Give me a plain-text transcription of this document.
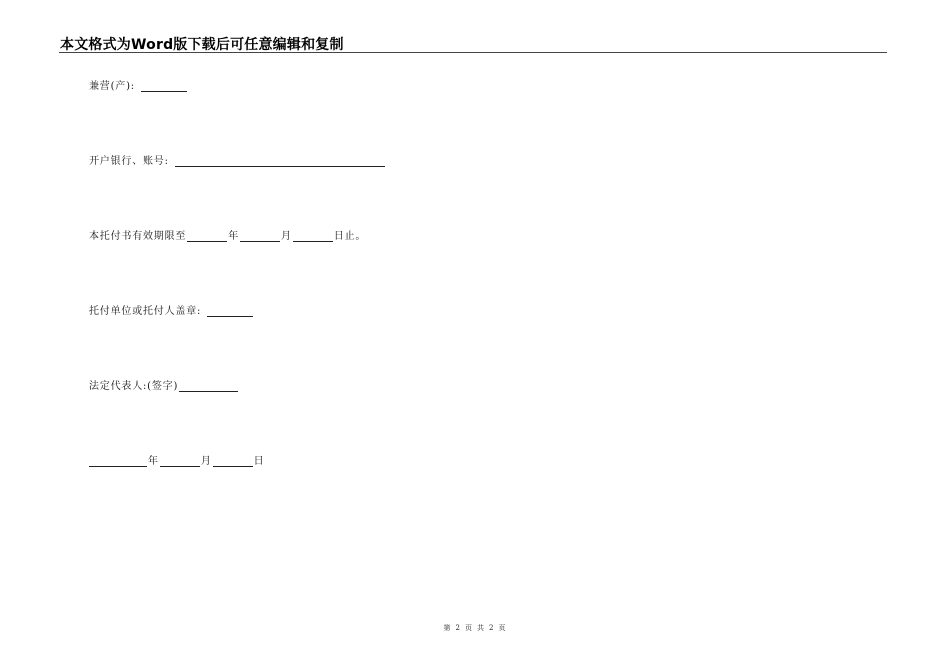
本文格式为Word版下载后可任意编辑和复制
兼营(产):
开户银行、账号:
本托付书有效期限至	年	月	日止。
托付单位或托付人盖章:
法定代表人:(签字)
年	月	日
第 2 页 共 2 页
